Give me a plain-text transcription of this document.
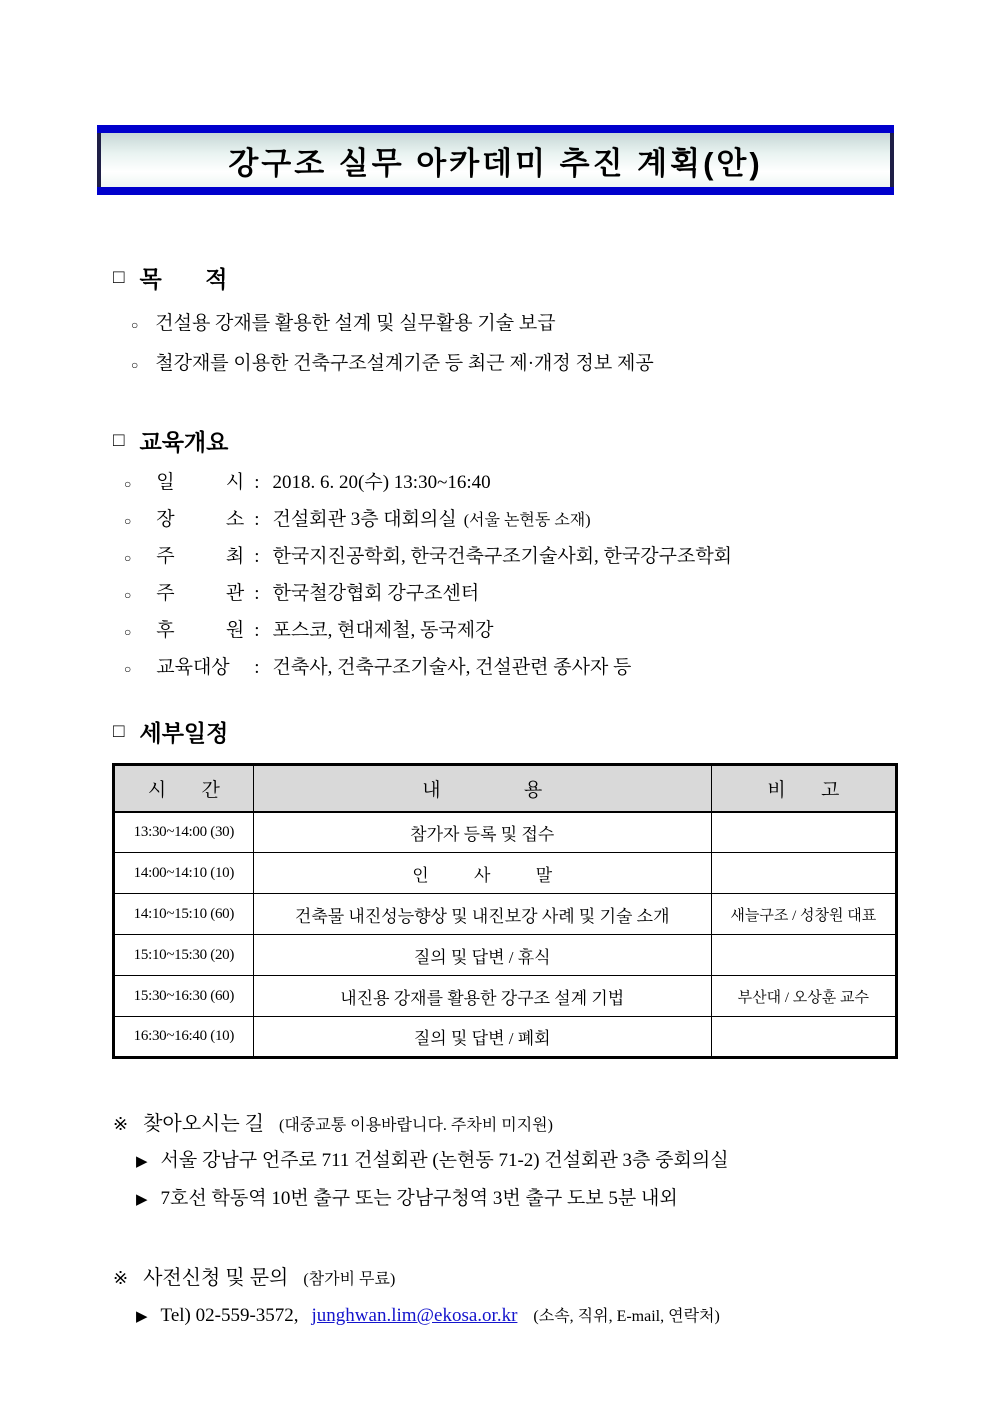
강구조 실무 아카데미 추진 계획(안)
□ 목 적
○ 건설용 강재를 활용한 설계 및 실무활용 기술 보급
○ 철강재를 이용한 건축구조설계기준 등 최근 제·개정 정보 제공
□ 교육개요
○ 일 시 : 2018. 6. 20(수) 13:30~16:40
○ 장 소 : 건설회관 3층 대회의실 (서울 논현동 소재)
○ 주 최 : 한국지진공학회, 한국건축구조기술사회, 한국강구조학회
○ 주 관 : 한국철강협회 강구조센터
○ 후 원 : 포스코, 현대제철, 동국제강
○ 교육대상	: 건축사, 건축구조기술사, 건설관련 종사자 등
□ 세부일정
시 간	내 용	비 고
13:30~14:00 (30)	참가자 등록 및 접수	
14:00~14:10 (10)	인 사 말	
14:10~15:10 (60)	건축물 내진성능향상 및 내진보강 사례 및 기술 소개	새늘구조 / 성창원 대표
15:10~15:30 (20)	질의 및 답변 / 휴식	
15:30~16:30 (60)	내진용 강재를 활용한 강구조 설계 기법	부산대 / 오상훈 교수
16:30~16:40 (10)	질의 및 답변 / 폐회	
※ 찾아오시는 길 (대중교통 이용바랍니다. 주차비 미지원)
▶ 서울 강남구 언주로 711 건설회관 (논현동 71-2) 건설회관 3층 중회의실
▶ 7호선 학동역 10번 출구 또는 강남구청역 3번 출구 도보 5분 내외
※ 사전신청 및 문의 (참가비 무료)
▶ Tel) 02-559-3572, junghwan.lim@ekosa.or.kr (소속, 직위, E-mail, 연락처)
